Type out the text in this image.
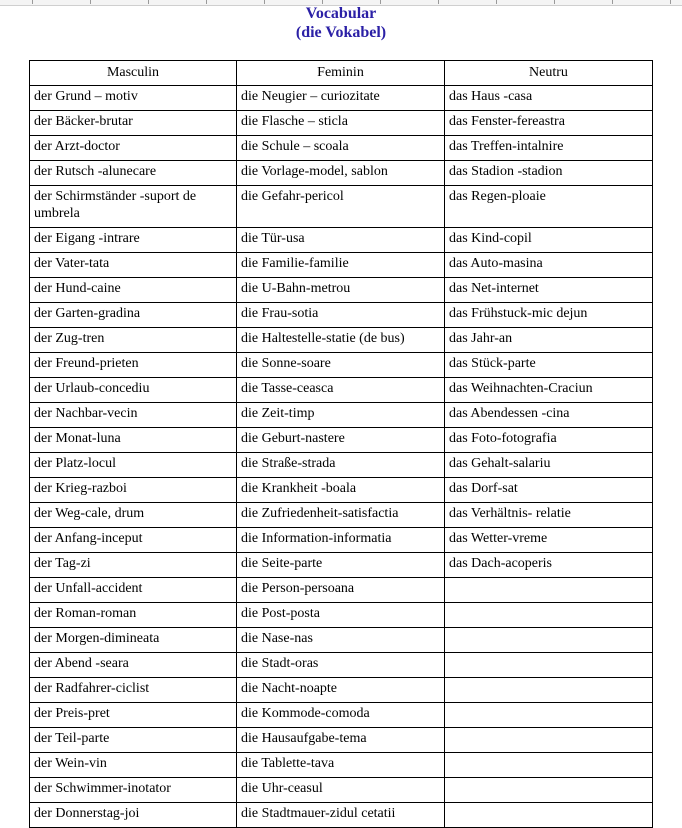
Vocabular
(die Vokabel)
Masculin	Feminin	Neutru
der Grund – motiv	die Neugier – curiozitate	das Haus -casa
der Bäcker-brutar	die Flasche – sticla	das Fenster-fereastra
der Arzt-doctor	die Schule – scoala	das Treffen-intalnire
der Rutsch -alunecare	die Vorlage-model, sablon	das Stadion -stadion
der Schirmständer -suport de umbrela	die Gefahr-pericol	das Regen-ploaie
der Eigang -intrare	die Tür-usa	das Kind-copil
der Vater-tata	die Familie-familie	das Auto-masina
der Hund-caine	die U-Bahn-metrou	das Net-internet
der Garten-gradina	die Frau-sotia	das Frühstuck-mic dejun
der Zug-tren	die Haltestelle-statie (de bus)	das Jahr-an
der Freund-prieten	die Sonne-soare	das Stück-parte
der Urlaub-concediu	die Tasse-ceasca	das Weihnachten-Craciun
der Nachbar-vecin	die Zeit-timp	das Abendessen -cina
der Monat-luna	die Geburt-nastere	das Foto-fotografia
der Platz-locul	die Straße-strada	das Gehalt-salariu
der Krieg-razboi	die Krankheit -boala	das Dorf-sat
der Weg-cale, drum	die Zufriedenheit-satisfactia	das Verhältnis- relatie
der Anfang-inceput	die Information-informatia	das Wetter-vreme
der Tag-zi	die Seite-parte	das Dach-acoperis
der Unfall-accident	die Person-persoana	
der Roman-roman	die Post-posta	
der Morgen-dimineata	die Nase-nas	
der Abend -seara	die Stadt-oras	
der Radfahrer-ciclist	die Nacht-noapte	
der Preis-pret	die Kommode-comoda	
der Teil-parte	die Hausaufgabe-tema	
der Wein-vin	die Tablette-tava	
der Schwimmer-inotator	die Uhr-ceasul	
der Donnerstag-joi	die Stadtmauer-zidul cetatii	
